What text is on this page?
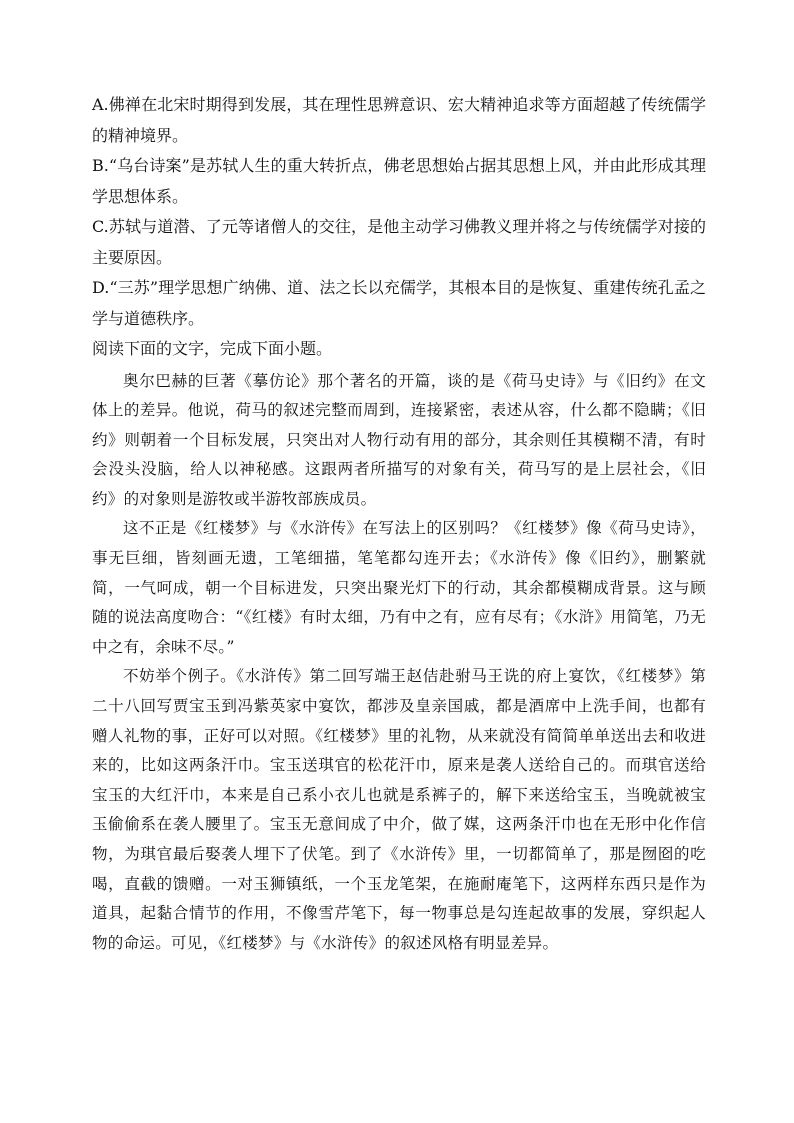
A.佛禅在北宋时期得到发展，其在理性思辨意识、宏大精神追求等方面超越了传统儒学的精神境界。

B.“乌台诗案”是苏轼人生的重大转折点，佛老思想始占据其思想上风，并由此形成其理学思想体系。

C.苏轼与道潜、了元等诸僧人的交往，是他主动学习佛教义理并将之与传统儒学对接的主要原因。

D.“三苏”理学思想广纳佛、道、法之长以充儒学，其根本目的是恢复、重建传统孔孟之学与道德秩序。

阅读下面的文字，完成下面小题。

奥尔巴赫的巨著《摹仿论》那个著名的开篇，谈的是《荷马史诗》与《旧约》在文体上的差异。他说，荷马的叙述完整而周到，连接紧密，表述从容，什么都不隐瞒；《旧约》则朝着一个目标发展，只突出对人物行动有用的部分，其余则任其模糊不清，有时会没头没脑，给人以神秘感。这跟两者所描写的对象有关，荷马写的是上层社会，《旧约》的对象则是游牧或半游牧部族成员。

这不正是《红楼梦》与《水浒传》在写法上的区别吗？《红楼梦》像《荷马史诗》，事无巨细，皆刻画无遗，工笔细描，笔笔都勾连开去；《水浒传》像《旧约》，删繁就简，一气呵成，朝一个目标进发，只突出聚光灯下的行动，其余都模糊成背景。这与顾随的说法高度吻合：“《红楼》有时太细，乃有中之有，应有尽有；《水浒》用简笔，乃无中之有，余味不尽。”

不妨举个例子。《水浒传》第二回写端王赵佶赴驸马王诜的府上宴饮，《红楼梦》第二十八回写贾宝玉到冯紫英家中宴饮，都涉及皇亲国戚，都是酒席中上洗手间，也都有赠人礼物的事，正好可以对照。《红楼梦》里的礼物，从来就没有简简单单送出去和收进来的，比如这两条汗巾。宝玉送琪官的松花汗巾，原来是袭人送给自己的。而琪官送给宝玉的大红汗巾，本来是自己系小衣儿也就是系裤子的，解下来送给宝玉，当晚就被宝玉偷偷系在袭人腰里了。宝玉无意间成了中介，做了媒，这两条汗巾也在无形中化作信物，为琪官最后娶袭人埋下了伏笔。到了《水浒传》里，一切都简单了，那是囫囵的吃喝，直截的馈赠。一对玉狮镇纸，一个玉龙笔架，在施耐庵笔下，这两样东西只是作为道具，起黏合情节的作用，不像雪芹笔下，每一物事总是勾连起故事的发展，穿织起人物的命运。可见，《红楼梦》与《水浒传》的叙述风格有明显差异。
